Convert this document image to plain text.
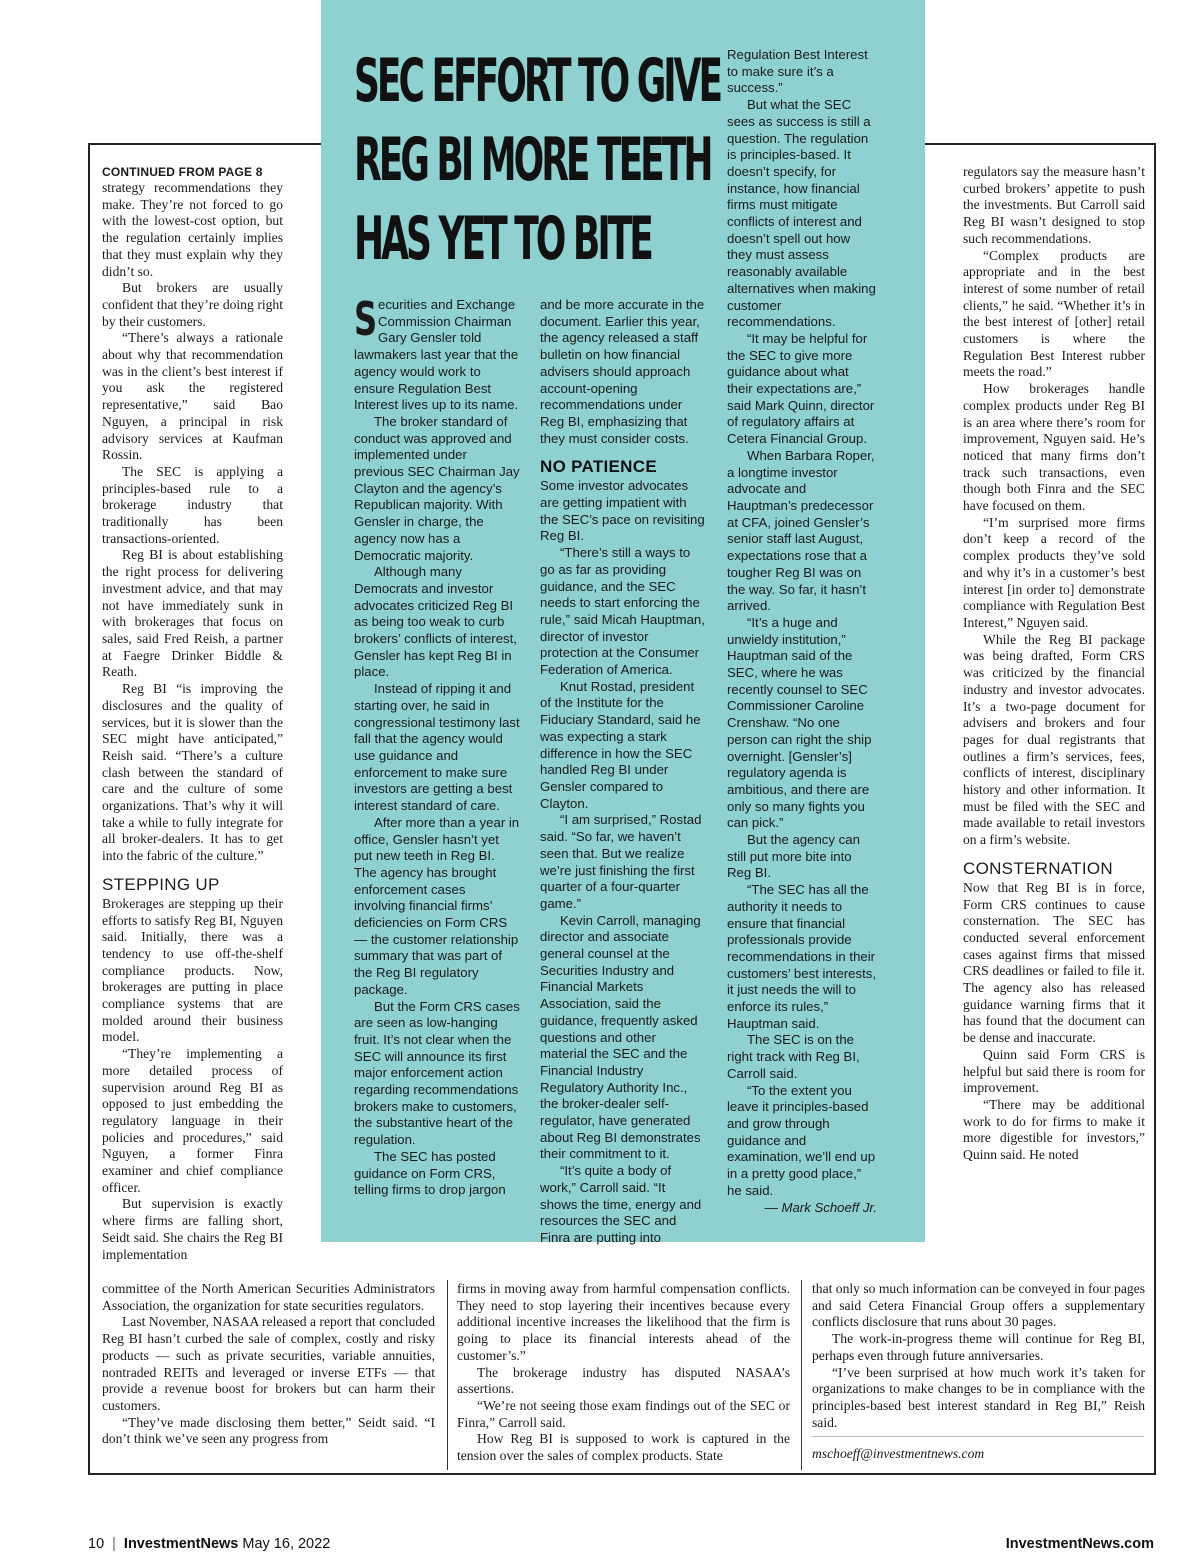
SEC EFFORT TO GIVE
REG BI MORE TEETH
HAS YET TO BITE

CONTINUED FROM PAGE 8

strategy recommendations they make. They’re not forced to go with the lowest-cost option, but the regulation certainly implies that they must explain why they didn’t so.

But brokers are usually confident that they’re doing right by their customers.

“There’s always a rationale about why that recommendation was in the client’s best interest if you ask the registered representative,” said Bao Nguyen, a principal in risk advisory services at Kaufman Rossin.

The SEC is applying a principles-based rule to a brokerage industry that traditionally has been transactions-oriented.

Reg BI is about establishing the right process for delivering investment advice, and that may not have immediately sunk in with brokerages that focus on sales, said Fred Reish, a partner at Faegre Drinker Biddle & Reath.

Reg BI “is improving the disclosures and the quality of services, but it is slower than the SEC might have anticipated,” Reish said. “There’s a culture clash between the standard of care and the culture of some organizations. That’s why it will take a while to fully integrate for all broker-dealers. It has to get into the fabric of the culture.”

STEPPING UP

Brokerages are stepping up their efforts to satisfy Reg BI, Nguyen said. Initially, there was a tendency to use off-the-shelf compliance products. Now, brokerages are putting in place compliance systems that are molded around their business model.

“They’re implementing a more detailed process of supervision around Reg BI as opposed to just embedding the regulatory language in their policies and procedures,” said Nguyen, a former Finra examiner and chief compliance officer.

But supervision is exactly where firms are falling short, Seidt said. She chairs the Reg BI implementation

S ecurities and Exchange Commission Chairman Gary Gensler told lawmakers last year that the agency would work to ensure Regulation Best Interest lives up to its name.

The broker standard of conduct was approved and implemented under previous SEC Chairman Jay Clayton and the agency’s Republican majority. With Gensler in charge, the agency now has a Democratic majority.

Although many Democrats and investor advocates criticized Reg BI as being too weak to curb brokers’ conflicts of interest, Gensler has kept Reg BI in place.

Instead of ripping it and starting over, he said in congressional testimony last fall that the agency would use guidance and enforcement to make sure investors are getting a best interest standard of care.

After more than a year in office, Gensler hasn’t yet put new teeth in Reg BI. The agency has brought enforcement cases involving financial firms’ deficiencies on Form CRS — the customer relationship summary that was part of the Reg BI regulatory package.

But the Form CRS cases are seen as low-hanging fruit. It’s not clear when the SEC will announce its first major enforcement action regarding recommendations brokers make to customers, the substantive heart of the regulation.

The SEC has posted guidance on Form CRS, telling firms to drop jargon

and be more accurate in the document. Earlier this year, the agency released a staff bulletin on how financial advisers should approach account-opening recommendations under Reg BI, emphasizing that they must consider costs.

NO PATIENCE

Some investor advocates are getting impatient with the SEC’s pace on revisiting Reg BI.

“There’s still a ways to go as far as providing guidance, and the SEC needs to start enforcing the rule,” said Micah Hauptman, director of investor protection at the Consumer Federation of America.

Knut Rostad, president of the Institute for the Fiduciary Standard, said he was expecting a stark difference in how the SEC handled Reg BI under Gensler compared to Clayton.

“I am surprised,” Rostad said. “So far, we haven’t seen that. But we realize we’re just finishing the first quarter of a four-quarter game.”

Kevin Carroll, managing director and associate general counsel at the Securities Industry and Financial Markets Association, said the guidance, frequently asked questions and other material the SEC and the Financial Industry Regulatory Authority Inc., the broker-dealer self-regulator, have generated about Reg BI demonstrates their commitment to it.

“It’s quite a body of work,” Carroll said. “It shows the time, energy and resources the SEC and Finra are putting into

Regulation Best Interest to make sure it’s a success.”

But what the SEC sees as success is still a question. The regulation is principles-based. It doesn’t specify, for instance, how financial firms must mitigate conflicts of interest and doesn’t spell out how they must assess reasonably available alternatives when making customer recommendations.

“It may be helpful for the SEC to give more guidance about what their expectations are,” said Mark Quinn, director of regulatory affairs at Cetera Financial Group.

When Barbara Roper, a longtime investor advocate and Hauptman’s predecessor at CFA, joined Gensler’s senior staff last August, expectations rose that a tougher Reg BI was on the way. So far, it hasn’t arrived.

“It’s a huge and unwieldy institution,” Hauptman said of the SEC, where he was recently counsel to SEC Commissioner Caroline Crenshaw. “No one person can right the ship overnight. [Gensler’s] regulatory agenda is ambitious, and there are only so many fights you can pick.”

But the agency can still put more bite into Reg BI.

“The SEC has all the authority it needs to ensure that financial professionals provide recommendations in their customers’ best interests, it just needs the will to enforce its rules,” Hauptman said.

The SEC is on the right track with Reg BI, Carroll said.

“To the extent you leave it principles-based and grow through guidance and examination, we’ll end up in a pretty good place,” he said.

— Mark Schoeff Jr.

regulators say the measure hasn’t curbed brokers’ appetite to push the investments. But Carroll said Reg BI wasn’t designed to stop such recommendations.

“Complex products are appropriate and in the best interest of some number of retail clients,” he said. “Whether it’s in the best interest of [other] retail customers is where the Regulation Best Interest rubber meets the road.”

How brokerages handle complex products under Reg BI is an area where there’s room for improvement, Nguyen said. He’s noticed that many firms don’t track such transactions, even though both Finra and the SEC have focused on them.

“I’m surprised more firms don’t keep a record of the complex products they’ve sold and why it’s in a customer’s best interest [in order to] demonstrate compliance with Regulation Best Interest,” Nguyen said.

While the Reg BI package was being drafted, Form CRS was criticized by the financial industry and investor advocates. It’s a two-page document for advisers and brokers and four pages for dual registrants that outlines a firm’s services, fees, conflicts of interest, disciplinary history and other information. It must be filed with the SEC and made available to retail investors on a firm’s website.

CONSTERNATION

Now that Reg BI is in force, Form CRS continues to cause consternation. The SEC has conducted several enforcement cases against firms that missed CRS deadlines or failed to file it. The agency also has released guidance warning firms that it has found that the document can be dense and inaccurate.

Quinn said Form CRS is helpful but said there is room for improvement.

“There may be additional work to do for firms to make it more digestible for investors,” Quinn said. He noted

committee of the North American Securities Administrators Association, the organization for state securities regulators.

Last November, NASAA released a report that concluded Reg BI hasn’t curbed the sale of complex, costly and risky products — such as private securities, variable annuities, nontraded REITs and leveraged or inverse ETFs — that provide a revenue boost for brokers but can harm their customers.

“They’ve made disclosing them better,” Seidt said. “I don’t think we’ve seen any progress from

firms in moving away from harmful compensation conflicts. They need to stop layering their incentives because every additional incentive increases the likelihood that the firm is going to place its financial interests ahead of the customer’s.”

The brokerage industry has disputed NASAA’s assertions.

“We’re not seeing those exam findings out of the SEC or Finra,” Carroll said.

How Reg BI is supposed to work is captured in the tension over the sales of complex products. State

that only so much information can be conveyed in four pages and said Cetera Financial Group offers a supplementary conflicts disclosure that runs about 30 pages.

The work-in-progress theme will continue for Reg BI, perhaps even through future anniversaries.

“I’ve been surprised at how much work it’s taken for organizations to make changes to be in compliance with the principles-based best interest standard in Reg BI,” Reish said.

mschoeff@investmentnews.com
10 | InvestmentNews May 16, 2022	InvestmentNews.com
